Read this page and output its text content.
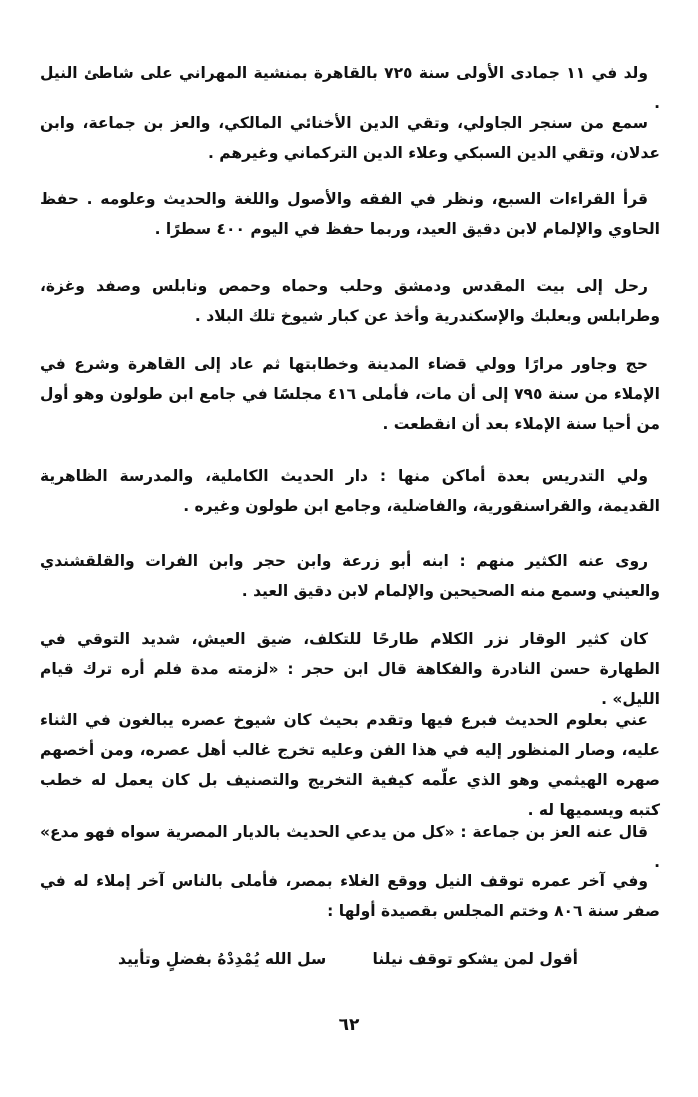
ولد في ١١ جمادى الأولى سنة ٧٢٥ بالقاهرة بمنشية المهراني على شاطئ النيل .

سمع من سنجر الجاولي، وتقي الدين الأخنائي المالكي، والعز بن جماعة، وابن عدلان، وتقي الدين السبكي وعلاء الدين التركماني وغيرهم .

قرأ القراءات السبع، ونظر في الفقه والأصول واللغة والحديث وعلومه . حفظ الحاوي والإلمام لابن دقيق العيد، وربما حفظ في اليوم ٤٠٠ سطرًا .

رحل إلى بيت المقدس ودمشق وحلب وحماه وحمص ونابلس وصفد وغزة، وطرابلس وبعلبك والإسكندرية وأخذ عن كبار شيوخ تلك البلاد .

حج وجاور مرارًا وولي قضاء المدينة وخطابتها ثم عاد إلى القاهرة وشرع في الإملاء من سنة ٧٩٥ إلى أن مات، فأملى ٤١٦ مجلسًا في جامع ابن طولون وهو أول من أحيا سنة الإملاء بعد أن انقطعت .

ولي التدريس بعدة أماكن منها : دار الحديث الكاملية، والمدرسة الظاهرية القديمة، والقراسنقورية، والفاضلية، وجامع ابن طولون وغيره .

روى عنه الكثير منهم : ابنه أبو زرعة وابن حجر وابن الفرات والقلقشندي والعيني وسمع منه الصحيحين والإلمام لابن دقيق العيد .

كان كثير الوقار نزر الكلام طارحًا للتكلف، ضيق العيش، شديد التوقي في الطهارة حسن النادرة والفكاهة قال ابن حجر : «لزمته مدة فلم أره ترك قيام الليل» .

عني بعلوم الحديث فبرع فيها وتقدم بحيث كان شيوخ عصره يبالغون في الثناء عليه، وصار المنظور إليه في هذا الفن وعليه تخرج غالب أهل عصره، ومن أخصهم صهره الهيثمي وهو الذي علّمه كيفية التخريج والتصنيف بل كان يعمل له خطب كتبه ويسميها له .

قال عنه العز بن جماعة : «كل من يدعي الحديث بالديار المصرية سواه فهو مدع» .

وفي آخر عمره توقف النيل ووقع الغلاء بمصر، فأملى بالناس آخر إملاء له في صفر سنة ٨٠٦ وختم المجلس بقصيدة أولها :

أقول لمن يشكو توقف نيلنا
سل الله يُمْدِدْهُ بفضلٍ وتأييد
٦٢
